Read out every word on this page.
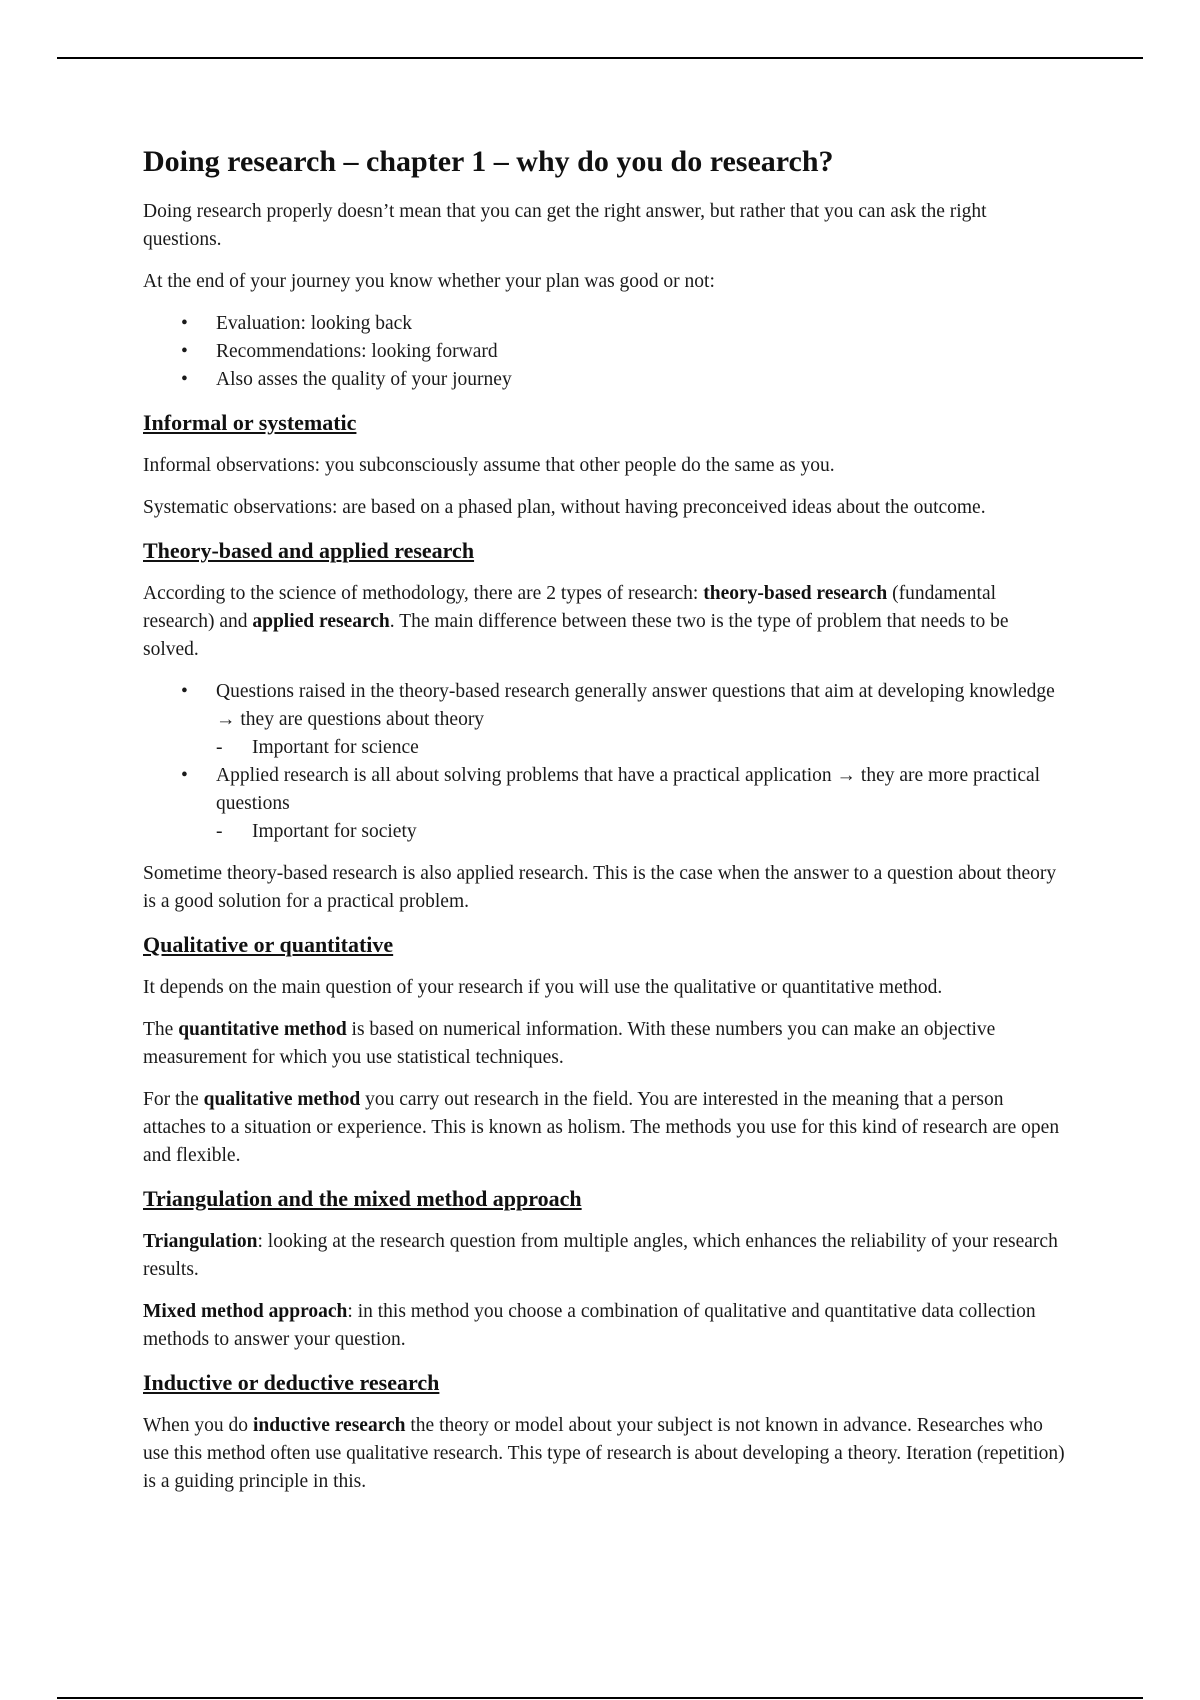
Doing research – chapter 1 – why do you do research?

Doing research properly doesn’t mean that you can get the right answer, but rather that you can ask the right questions.

At the end of your journey you know whether your plan was good or not:

• Evaluation: looking back
• Recommendations: looking forward
• Also asses the quality of your journey
Informal or systematic

Informal observations: you subconsciously assume that other people do the same as you.

Systematic observations: are based on a phased plan, without having preconceived ideas about the outcome.

Theory-based and applied research

According to the science of methodology, there are 2 types of research: theory-based research (fundamental research) and applied research. The main difference between these two is the type of problem that needs to be solved.

• Questions raised in the theory-based research generally answer questions that aim at developing knowledge → they are questions about theory
- Important for science
• Applied research is all about solving problems that have a practical application → they are more practical questions
- Important for society

Sometime theory-based research is also applied research. This is the case when the answer to a question about theory is a good solution for a practical problem.

Qualitative or quantitative

It depends on the main question of your research if you will use the qualitative or quantitative method.

The quantitative method is based on numerical information. With these numbers you can make an objective measurement for which you use statistical techniques.

For the qualitative method you carry out research in the field. You are interested in the meaning that a person attaches to a situation or experience. This is known as holism. The methods you use for this kind of research are open and flexible.

Triangulation and the mixed method approach

Triangulation: looking at the research question from multiple angles, which enhances the reliability of your research results.

Mixed method approach: in this method you choose a combination of qualitative and quantitative data collection methods to answer your question.

Inductive or deductive research

When you do inductive research the theory or model about your subject is not known in advance. Researches who use this method often use qualitative research. This type of research is about developing a theory. Iteration (repetition) is a guiding principle in this.
